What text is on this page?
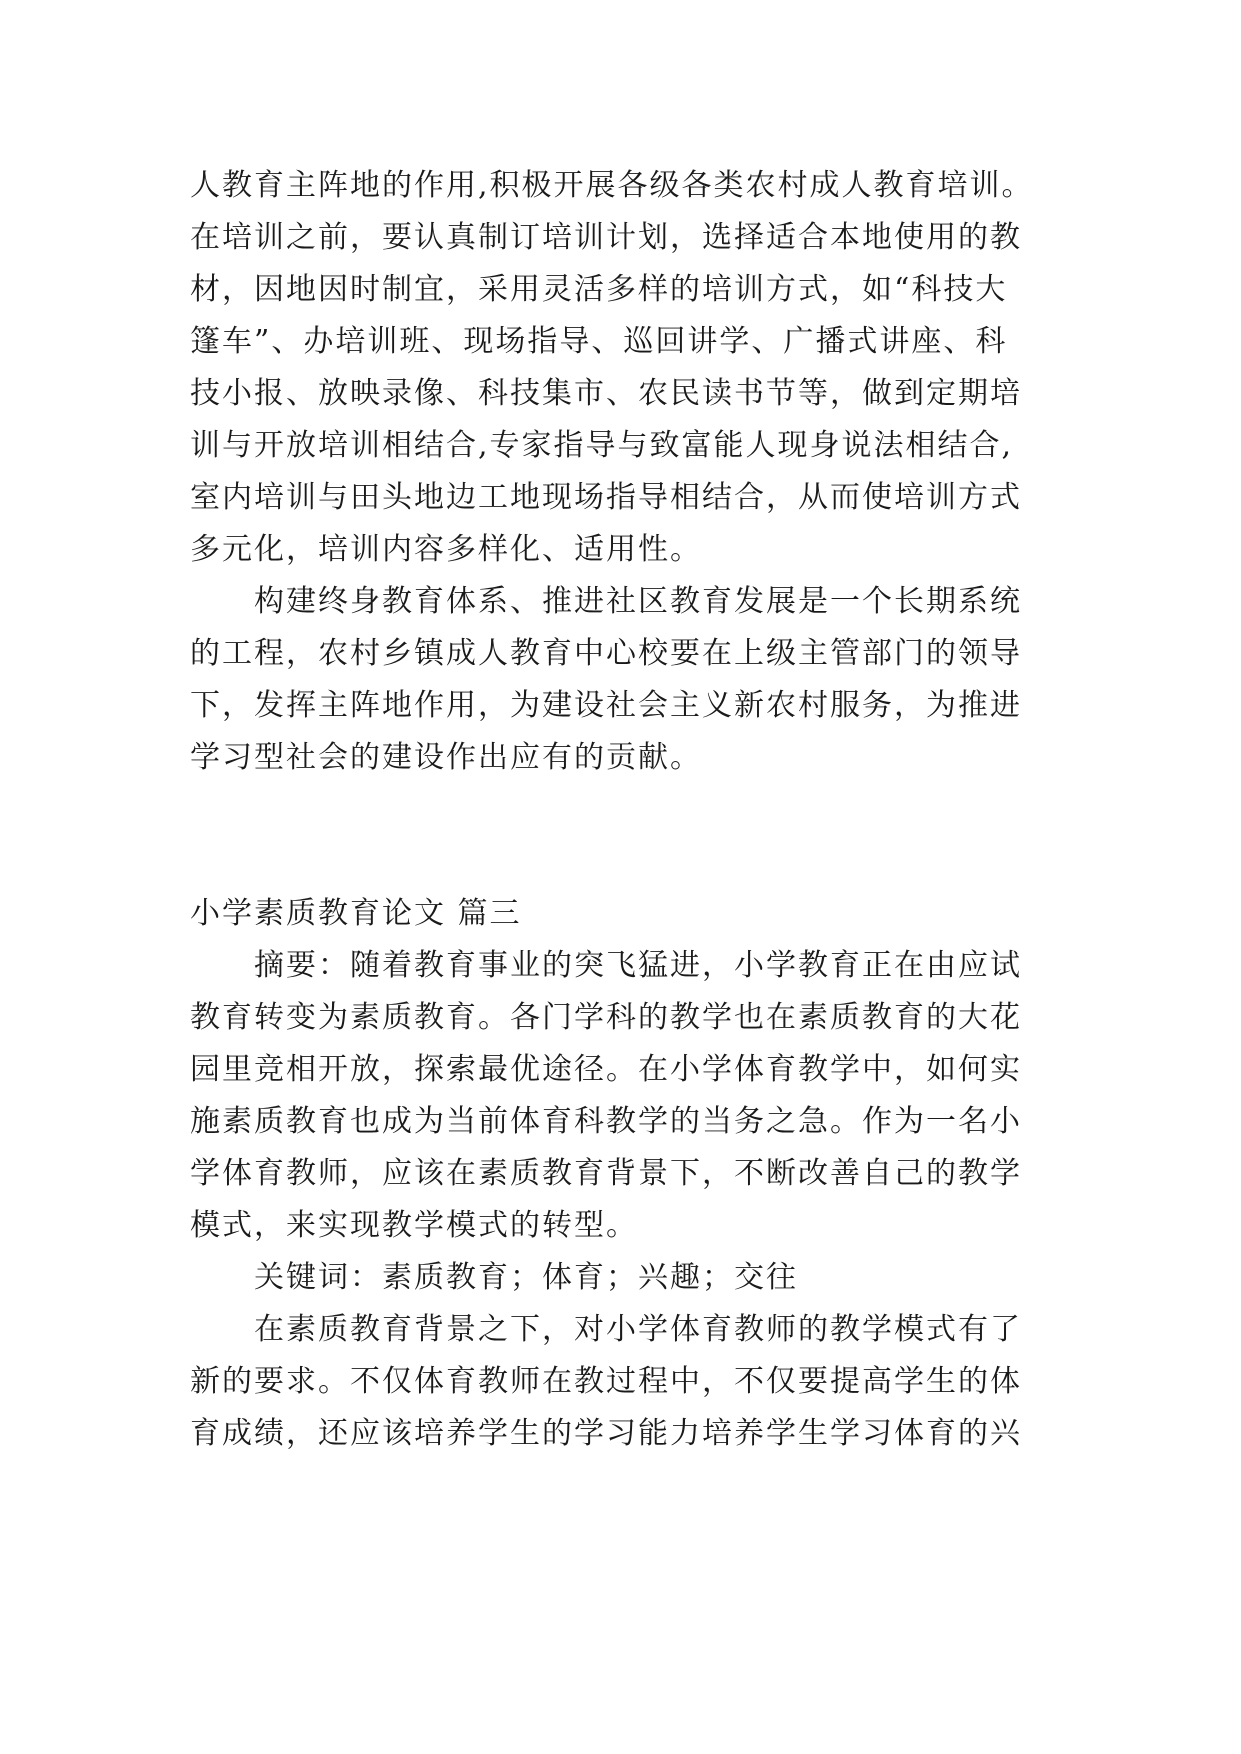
人教育主阵地的作用,积极开展各级各类农村成人教育培训。
在培训之前，要认真制订培训计划，选择适合本地使用的教
材，因地因时制宜，采用灵活多样的培训方式，如“科技大
篷车”、办培训班、现场指导、巡回讲学、广播式讲座、科
技小报、放映录像、科技集市、农民读书节等，做到定期培
训与开放培训相结合,专家指导与致富能人现身说法相结合,
室内培训与田头地边工地现场指导相结合，从而使培训方式
多元化，培训内容多样化、适用性。
　　构建终身教育体系、推进社区教育发展是一个长期系统
的工程，农村乡镇成人教育中心校要在上级主管部门的领导
下，发挥主阵地作用，为建设社会主义新农村服务，为推进
学习型社会的建设作出应有的贡献。
小学素质教育论文 篇三
　　摘要：随着教育事业的突飞猛进，小学教育正在由应试
教育转变为素质教育。各门学科的教学也在素质教育的大花
园里竞相开放，探索最优途径。在小学体育教学中，如何实
施素质教育也成为当前体育科教学的当务之急。作为一名小
学体育教师，应该在素质教育背景下，不断改善自己的教学
模式，来实现教学模式的转型。
　　关键词：素质教育；体育；兴趣；交往
　　在素质教育背景之下，对小学体育教师的教学模式有了
新的要求。不仅体育教师在教过程中，不仅要提高学生的体
育成绩，还应该培养学生的学习能力培养学生学习体育的兴
